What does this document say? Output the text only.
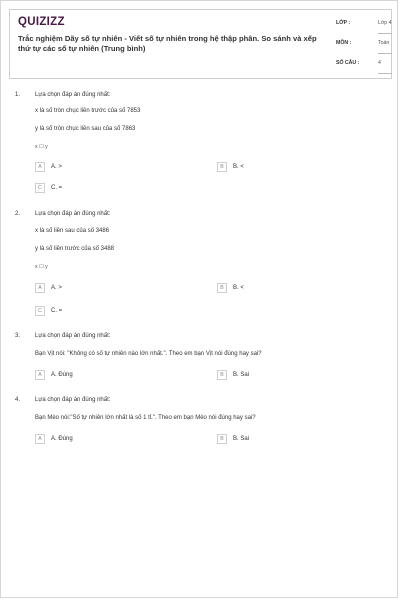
QUIZIZZ
Trắc nghiệm Dãy số tự nhiên - Viết số tự nhiên trong hệ thập phân. So sánh và xếp thứ tự các số tự nhiên (Trung bình)
LỚP :	Lớp 4
MÔN :	Toán
SỐ CÂU :	4
1. Lựa chọn đáp án đúng nhất:
x là số tròn chục liền trước của số 7853
y là số tròn chục liền sau của số 7863
x ☐ y
A	A. >	B	B. <
C	C. =
2. Lựa chọn đáp án đúng nhất:
x là số liền sau của số 3486
y là số liền trước của số 3488
x ☐ y
A	A. >	B	B. <
C	C. =
3. Lựa chọn đáp án đúng nhất:
Bạn Vịt nói: "Không có số tự nhiên nào lớn nhất.". Theo em bạn Vịt nói đúng hay sai?
A	A. Đúng	B	B. Sai
4. Lựa chọn đáp án đúng nhất:
Bạn Mèo nói:"Số tự nhiên lớn nhất là số 1 tỉ.". Theo em bạn Mèo nói đúng hay sai?
A	A. Đúng	B	B. Sai
